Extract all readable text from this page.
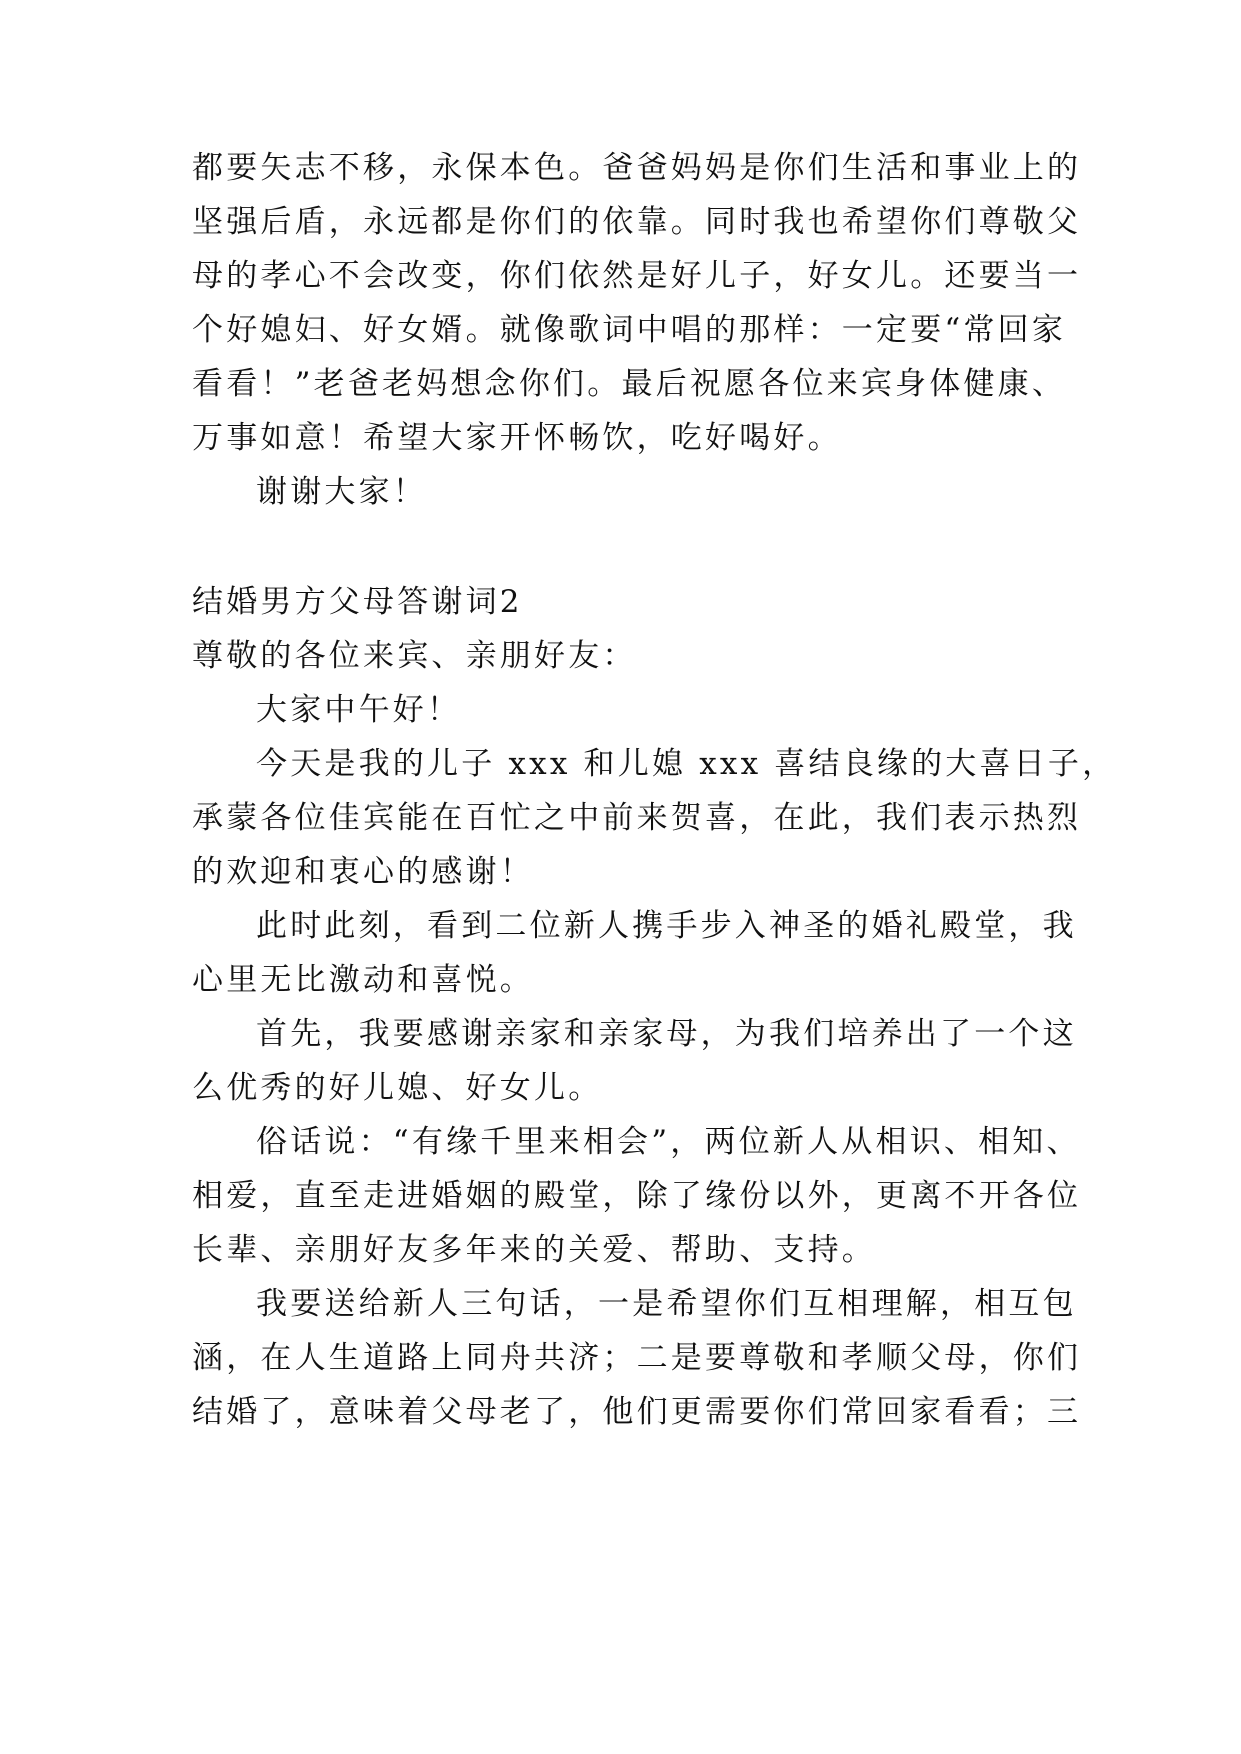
都要矢志不移，永保本色。爸爸妈妈是你们生活和事业上的

坚强后盾，永远都是你们的依靠。同时我也希望你们尊敬父

母的孝心不会改变，你们依然是好儿子，好女儿。还要当一

个好媳妇、好女婿。就像歌词中唱的那样：一定要“常回家

看看！”老爸老妈想念你们。最后祝愿各位来宾身体健康、

万事如意！希望大家开怀畅饮，吃好喝好。

谢谢大家！

结婚男方父母答谢词2

尊敬的各位来宾、亲朋好友：

大家中午好！

今天是我的儿子 xxx 和儿媳 xxx 喜结良缘的大喜日子，

承蒙各位佳宾能在百忙之中前来贺喜，在此，我们表示热烈

的欢迎和衷心的感谢！

此时此刻，看到二位新人携手步入神圣的婚礼殿堂，我

心里无比激动和喜悦。

首先，我要感谢亲家和亲家母，为我们培养出了一个这

么优秀的好儿媳、好女儿。

俗话说：“有缘千里来相会”，两位新人从相识、相知、

相爱，直至走进婚姻的殿堂，除了缘份以外，更离不开各位

长辈、亲朋好友多年来的关爱、帮助、支持。

我要送给新人三句话，一是希望你们互相理解，相互包

涵，在人生道路上同舟共济；二是要尊敬和孝顺父母，你们

结婚了，意味着父母老了，他们更需要你们常回家看看；三
